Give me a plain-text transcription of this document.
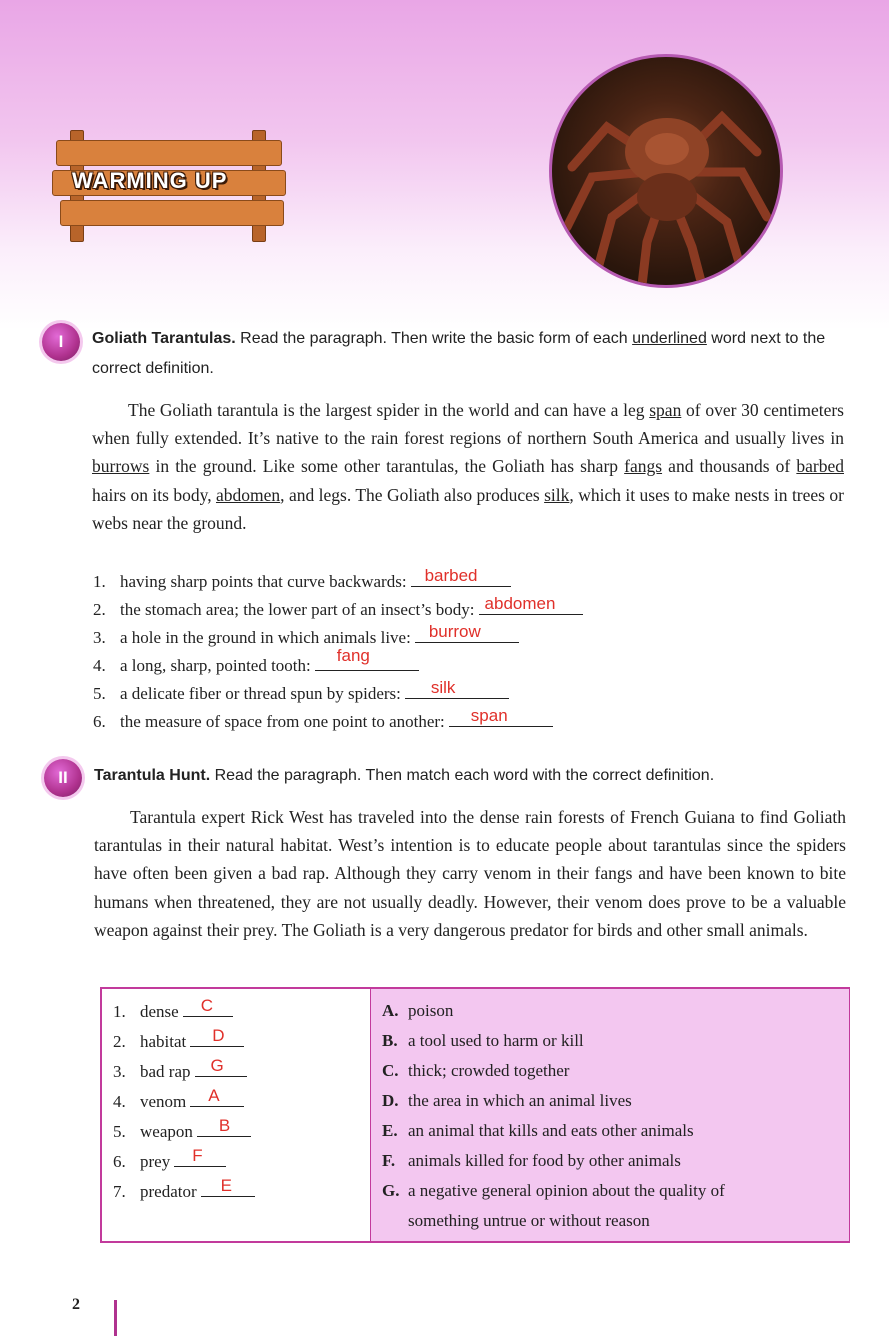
WARMING UP
I	Goliath Tarantulas. Read the paragraph. Then write the basic form of each underlined word next to the correct definition.

The Goliath tarantula is the largest spider in the world and can have a leg span of over 30 centimeters when fully extended. It’s native to the rain forest regions of northern South America and usually lives in burrows in the ground. Like some other tarantulas, the Goliath has sharp fangs and thousands of barbed hairs on its body, abdomen, and legs. The Goliath also produces silk, which it uses to make nests in trees or webs near the ground.

1. having sharp points that curve backwards: barbed
2. the stomach area; the lower part of an insect’s body: abdomen
3. a hole in the ground in which animals live: burrow
4. a long, sharp, pointed tooth:
fang
5. a delicate fiber or thread spun by spiders: silk
6. the measure of space from one point to another: span
II	Tarantula Hunt. Read the paragraph. Then match each word with the correct definition.

Tarantula expert Rick West has traveled into the dense rain forests of French Guiana to find Goliath tarantulas in their natural habitat. West’s intention is to educate people about tarantulas since the spiders have often been given a bad rap. Although they carry venom in their fangs and have been known to bite humans when threatened, they are not usually deadly. However, their venom does prove to be a valuable weapon against their prey. The Goliath is a very dangerous predator for birds and other small animals.

1. dense C
2. habitat D
3. bad rap G
4. venom A
5. weapon B
6. prey F
7. predator E
A. poison
B. a tool used to harm or kill
C. thick; crowded together
D. the area in which an animal lives
E. an animal that kills and eats other animals
F. animals killed for food by other animals
G. a negative general opinion about the quality of
something untrue or without reason
2
